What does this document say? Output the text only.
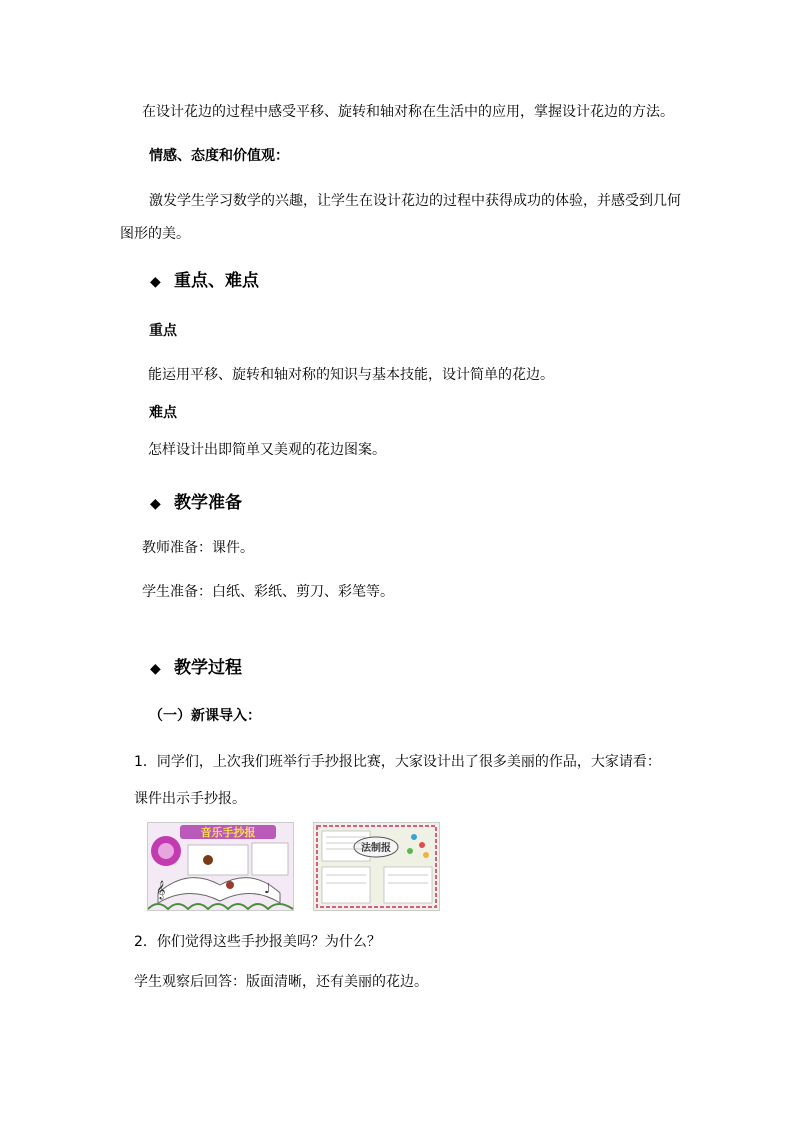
在设计花边的过程中感受平移、旋转和轴对称在生活中的应用，掌握设计花边的方法。
情感、态度和价值观：
激发学生学习数学的兴趣，让学生在设计花边的过程中获得成功的体验，并感受到几何
图形的美。
◆ 重点、难点
重点
能运用平移、旋转和轴对称的知识与基本技能，设计简单的花边。
难点
怎样设计出即简单又美观的花边图案。
◆ 教学准备
教师准备：课件。
学生准备：白纸、彩纸、剪刀、彩笔等。
◆ 教学过程
（一）新课导入：
1．同学们，上次我们班举行手抄报比赛，大家设计出了很多美丽的作品，大家请看：
课件出示手抄报。
音乐手抄报
𝄞	♩
法制报
2．你们觉得这些手抄报美吗？为什么？
学生观察后回答：版面清晰，还有美丽的花边。
